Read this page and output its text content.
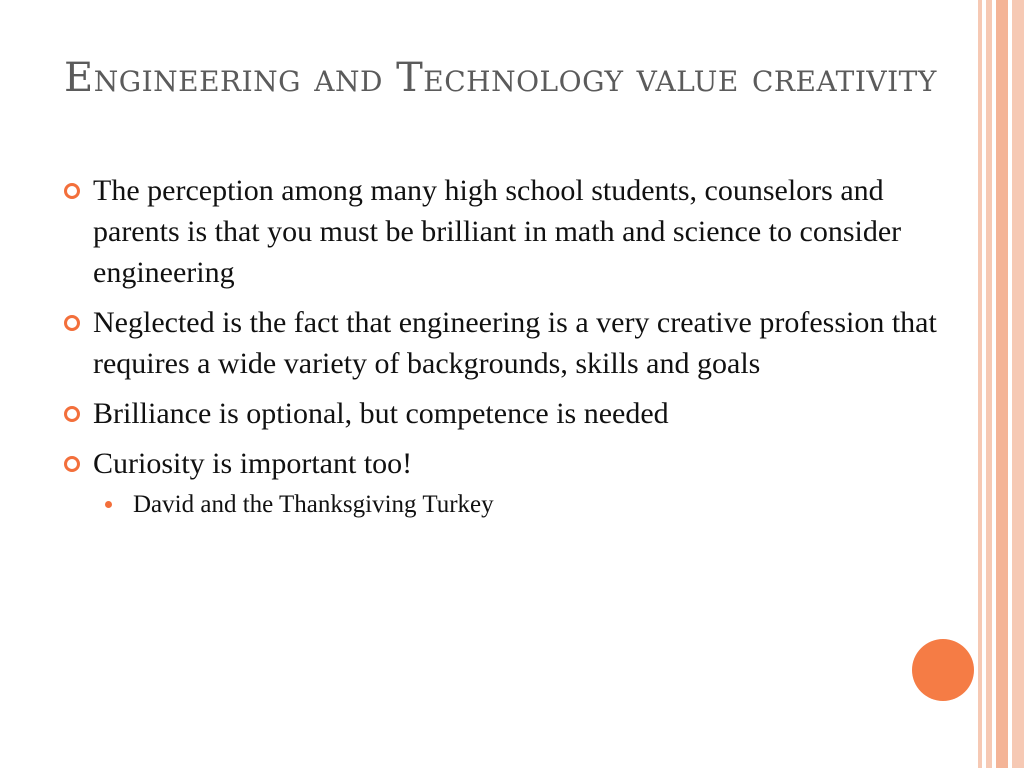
Engineering and Technology value creativity
The perception among many high school students, counselors and parents is that you must be brilliant in math and science to consider engineering
Neglected is the fact that engineering is a very creative profession that requires a wide variety of backgrounds, skills and goals
Brilliance is optional, but competence is needed
Curiosity is important too!
David and the Thanksgiving Turkey
